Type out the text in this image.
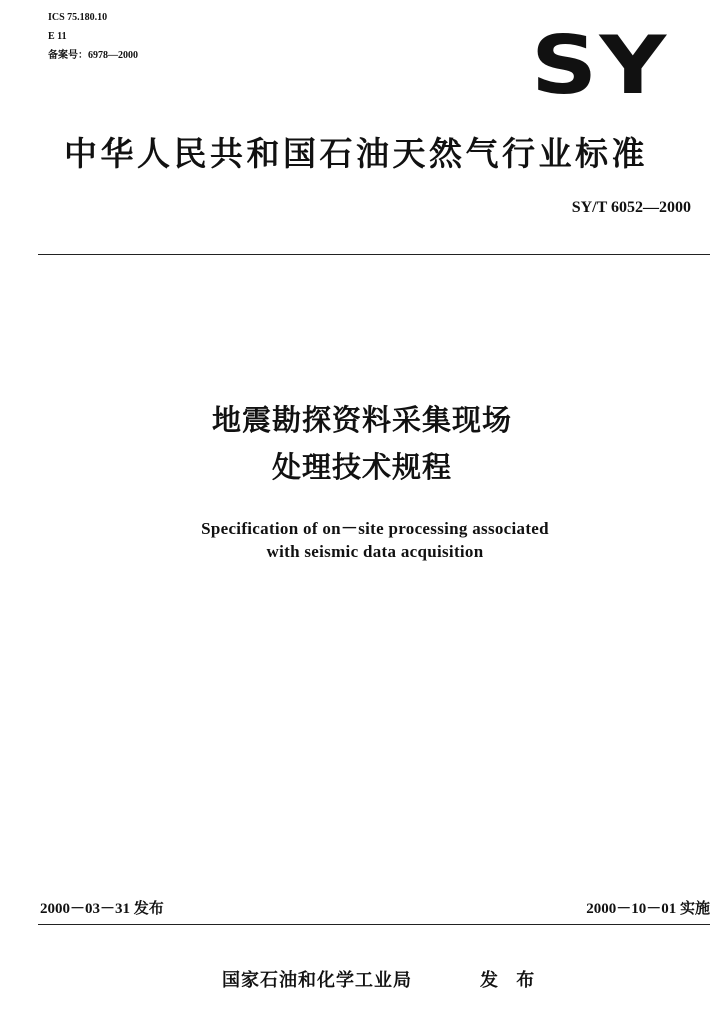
ICS 75.180.10
E 11
备案号：6978—2000	SY
中华人民共和国石油天然气行业标准
SY/T 6052—2000
地震勘探资料采集现场
处理技术规程
Specification of on－site processing associated
with seismic data acquisition
2000－03－31 发布	2000－10－01 实施
国家石油和化学工业局	发 布
